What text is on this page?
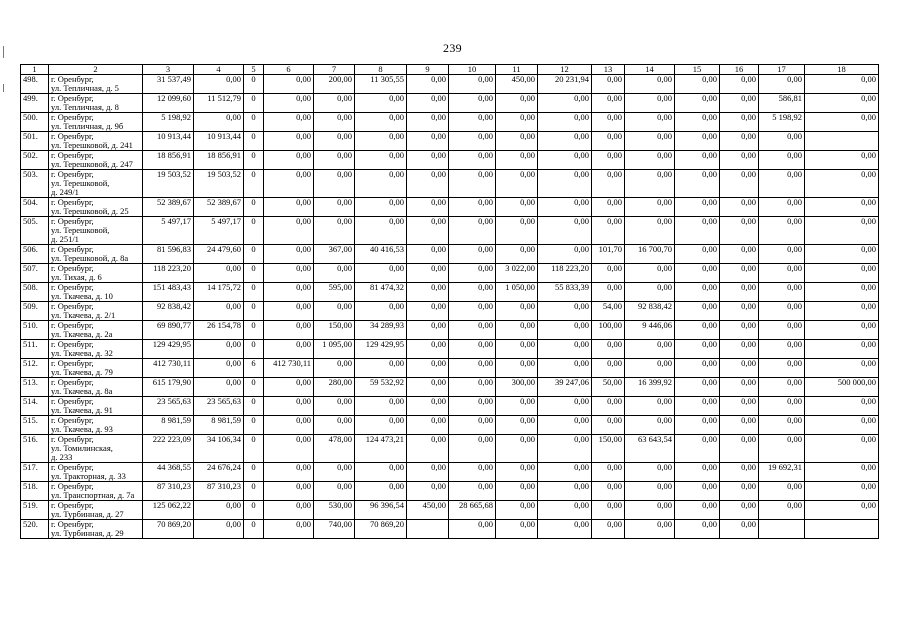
239
1	2	3	4	5	6	7	8	9	10	11	12	13	14	15	16	17	18
498.	г. Оренбург,
ул. Тепличная, д. 5	31 537,49	0,00	0	0,00	200,00	11 305,55	0,00	0,00	450,00	20 231,94	0,00	0,00	0,00	0,00	0,00	0,00
499.	г. Оренбург,
ул. Тепличная, д. 8	12 099,60	11 512,79	0	0,00	0,00	0,00	0,00	0,00	0,00	0,00	0,00	0,00	0,00	0,00	586,81	0,00
500.	г. Оренбург,
ул. Тепличная, д. 9б	5 198,92	0,00	0	0,00	0,00	0,00	0,00	0,00	0,00	0,00	0,00	0,00	0,00	0,00	5 198,92	0,00
501.	г. Оренбург,
ул. Терешковой, д. 241	10 913,44	10 913,44	0	0,00	0,00	0,00	0,00	0,00	0,00	0,00	0,00	0,00	0,00	0,00	0,00	
502.	г. Оренбург,
ул. Терешковой, д. 247	18 856,91	18 856,91	0	0,00	0,00	0,00	0,00	0,00	0,00	0,00	0,00	0,00	0,00	0,00	0,00	0,00
503.	г. Оренбург,
ул. Терешковой,
д. 249/1	19 503,52	19 503,52	0	0,00	0,00	0,00	0,00	0,00	0,00	0,00	0,00	0,00	0,00	0,00	0,00	0,00
504.	г. Оренбург,
ул. Терешковой, д. 25	52 389,67	52 389,67	0	0,00	0,00	0,00	0,00	0,00	0,00	0,00	0,00	0,00	0,00	0,00	0,00	0,00
505.	г. Оренбург,
ул. Терешковой,
д. 251/1	5 497,17	5 497,17	0	0,00	0,00	0,00	0,00	0,00	0,00	0,00	0,00	0,00	0,00	0,00	0,00	0,00
506.	г. Оренбург,
ул. Терешковой, д. 8а	81 596,83	24 479,60	0	0,00	367,00	40 416,53	0,00	0,00	0,00	0,00	101,70	16 700,70	0,00	0,00	0,00	0,00
507.	г. Оренбург,
ул. Тихая, д. 6	118 223,20	0,00	0	0,00	0,00	0,00	0,00	0,00	3 022,00	118 223,20	0,00	0,00	0,00	0,00	0,00	0,00
508.	г. Оренбург,
ул. Ткачева, д. 10	151 483,43	14 175,72	0	0,00	595,00	81 474,32	0,00	0,00	1 050,00	55 833,39	0,00	0,00	0,00	0,00	0,00	0,00
509.	г. Оренбург,
ул. Ткачева, д. 2/1	92 838,42	0,00	0	0,00	0,00	0,00	0,00	0,00	0,00	0,00	54,00	92 838,42	0,00	0,00	0,00	0,00
510.	г. Оренбург,
ул. Ткачева, д. 2а	69 890,77	26 154,78	0	0,00	150,00	34 289,93	0,00	0,00	0,00	0,00	100,00	9 446,06	0,00	0,00	0,00	0,00
511.	г. Оренбург,
ул. Ткачева, д. 32	129 429,95	0,00	0	0,00	1 095,00	129 429,95	0,00	0,00	0,00	0,00	0,00	0,00	0,00	0,00	0,00	0,00
512.	г. Оренбург,
ул. Ткачева, д. 79	412 730,11	0,00	6	412 730,11	0,00	0,00	0,00	0,00	0,00	0,00	0,00	0,00	0,00	0,00	0,00	0,00
513.	г. Оренбург,
ул. Ткачева, д. 8а	615 179,90	0,00	0	0,00	280,00	59 532,92	0,00	0,00	300,00	39 247,06	50,00	16 399,92	0,00	0,00	0,00	500 000,00
514.	г. Оренбург,
ул. Ткачева, д. 91	23 565,63	23 565,63	0	0,00	0,00	0,00	0,00	0,00	0,00	0,00	0,00	0,00	0,00	0,00	0,00	0,00
515.	г. Оренбург,
ул. Ткачева, д. 93	8 981,59	8 981,59	0	0,00	0,00	0,00	0,00	0,00	0,00	0,00	0,00	0,00	0,00	0,00	0,00	0,00
516.	г. Оренбург,
ул. Томилинская,
д. 233	222 223,09	34 106,34	0	0,00	478,00	124 473,21	0,00	0,00	0,00	0,00	150,00	63 643,54	0,00	0,00	0,00	0,00
517.	г. Оренбург,
ул. Тракторная, д. 33	44 368,55	24 676,24	0	0,00	0,00	0,00	0,00	0,00	0,00	0,00	0,00	0,00	0,00	0,00	19 692,31	0,00
518.	г. Оренбург,
ул. Транспортная, д. 7а	87 310,23	87 310,23	0	0,00	0,00	0,00	0,00	0,00	0,00	0,00	0,00	0,00	0,00	0,00	0,00	0,00
519.	г. Оренбург,
ул. Турбинная, д. 27	125 062,22	0,00	0	0,00	530,00	96 396,54	450,00	28 665,68	0,00	0,00	0,00	0,00	0,00	0,00	0,00	0,00
520.	г. Оренбург,
ул. Турбинная, д. 29	70 869,20	0,00	0	0,00	740,00	70 869,20		0,00	0,00	0,00	0,00	0,00	0,00	0,00		
